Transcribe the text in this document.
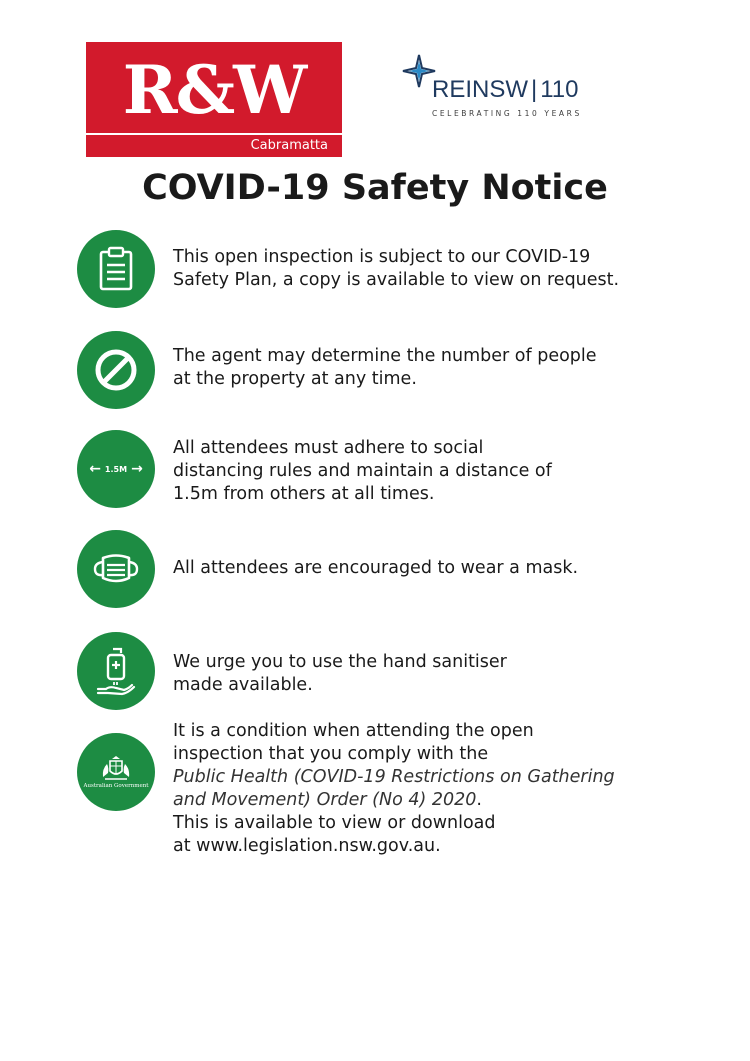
R&W
Cabramatta
REINSW | 110
CELEBRATING 110 YEARS
COVID-19 Safety Notice
This open inspection is subject to our COVID-19
Safety Plan, a copy is available to view on request.
The agent may determine the number of people
at the property at any time.
← 1.5M →
All attendees must adhere to social
distancing rules and maintain a distance of
1.5m from others at all times.
All attendees are encouraged to wear a mask.
We urge you to use the hand sanitiser
made available.
Australian Government
It is a condition when attending the open
inspection that you comply with the
Public Health (COVID-19 Restrictions on Gathering
and Movement) Order (No 4) 2020.
This is available to view or download
at www.legislation.nsw.gov.au.
